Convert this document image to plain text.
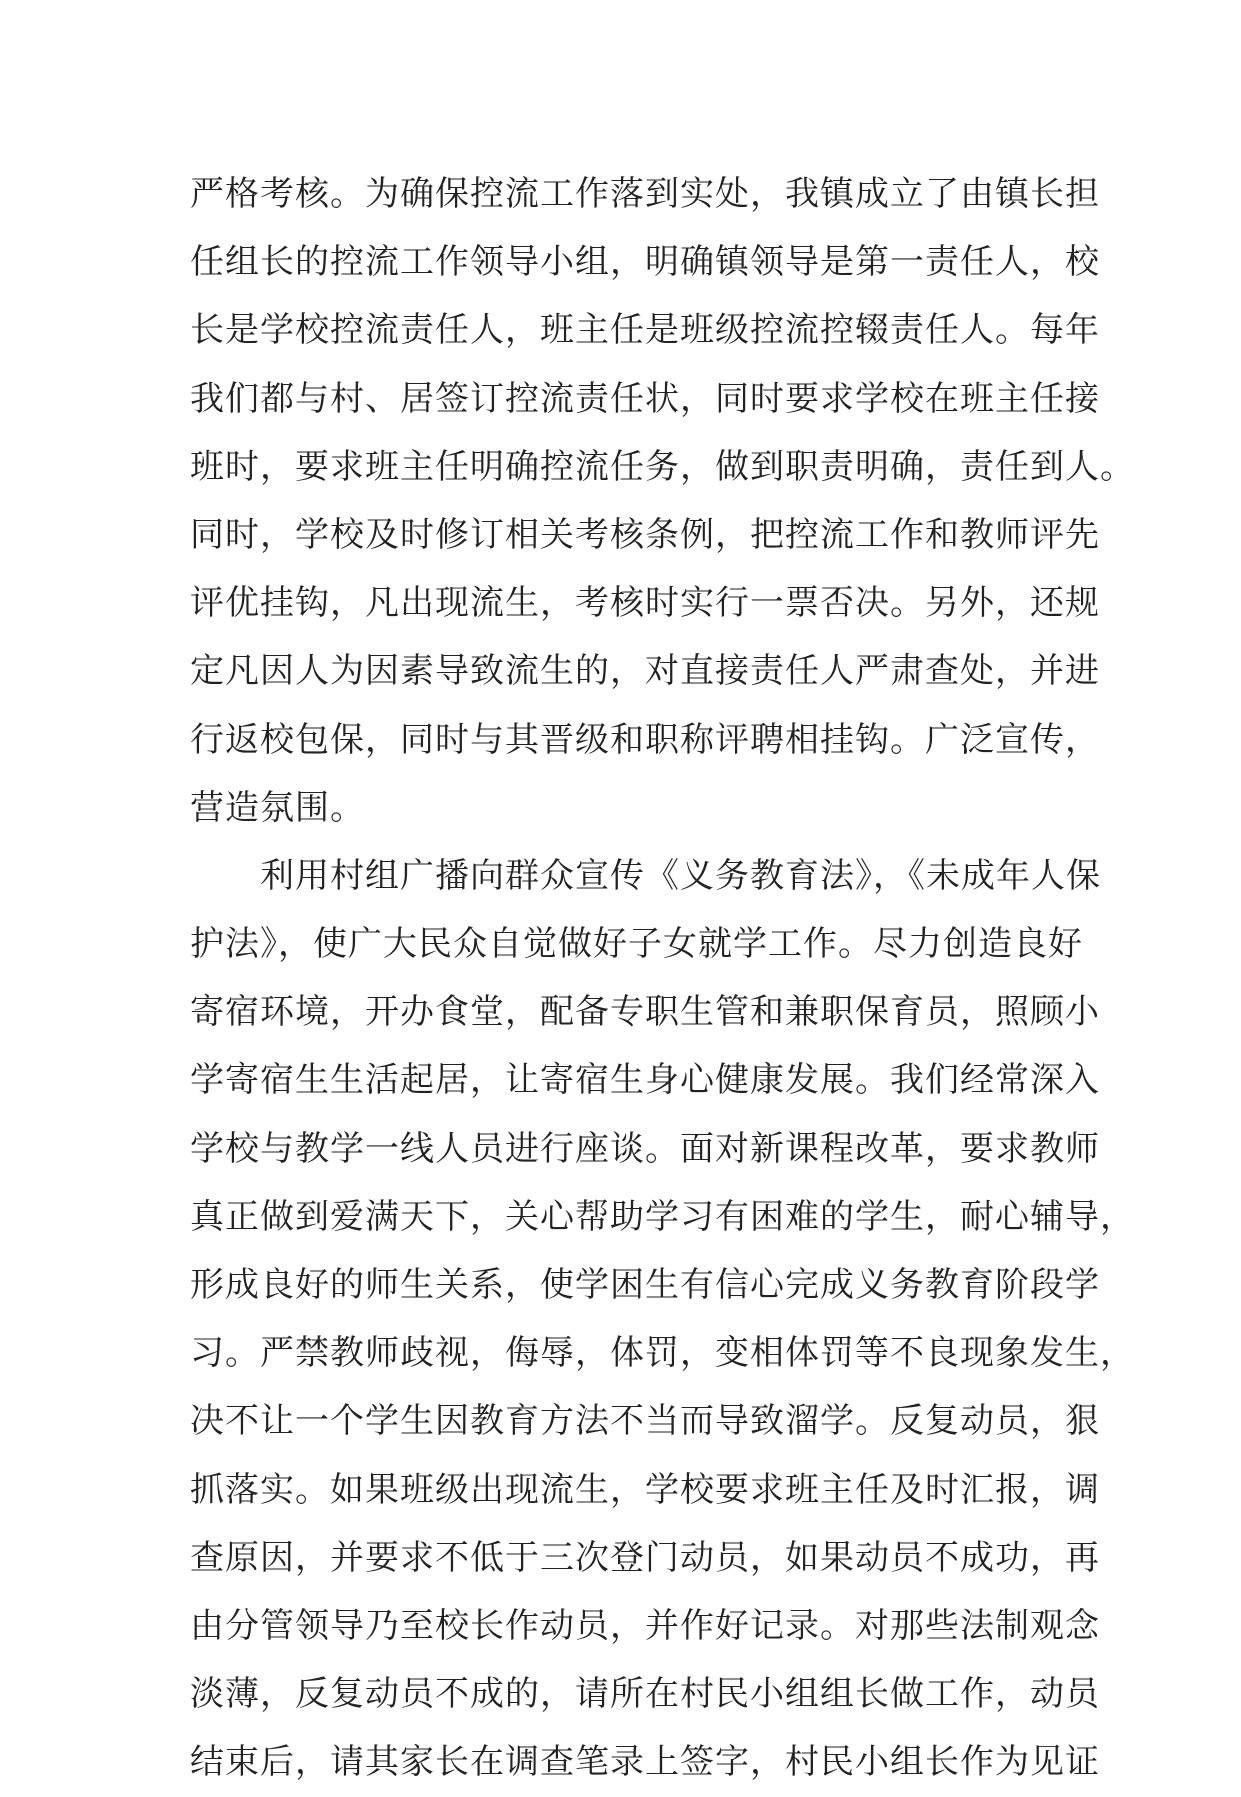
严格考核。为确保控流工作落到实处，我镇成立了由镇长担
任组长的控流工作领导小组，明确镇领导是第一责任人，校
长是学校控流责任人，班主任是班级控流控辍责任人。每年
我们都与村、居签订控流责任状，同时要求学校在班主任接
班时，要求班主任明确控流任务，做到职责明确，责任到人。
同时，学校及时修订相关考核条例，把控流工作和教师评先
评优挂钩，凡出现流生，考核时实行一票否决。另外，还规
定凡因人为因素导致流生的，对直接责任人严肃查处，并进
行返校包保，同时与其晋级和职称评聘相挂钩。广泛宣传，
营造氛围。
利用村组广播向群众宣传《义务教育法》，《未成年人保
护法》，使广大民众自觉做好子女就学工作。尽力创造良好
寄宿环境，开办食堂，配备专职生管和兼职保育员，照顾小
学寄宿生生活起居，让寄宿生身心健康发展。我们经常深入
学校与教学一线人员进行座谈。面对新课程改革，要求教师
真正做到爱满天下，关心帮助学习有困难的学生，耐心辅导，
形成良好的师生关系，使学困生有信心完成义务教育阶段学
习。严禁教师歧视，侮辱，体罚，变相体罚等不良现象发生，
决不让一个学生因教育方法不当而导致溜学。反复动员，狠
抓落实。如果班级出现流生，学校要求班主任及时汇报，调
查原因，并要求不低于三次登门动员，如果动员不成功，再
由分管领导乃至校长作动员，并作好记录。对那些法制观念
淡薄，反复动员不成的，请所在村民小组组长做工作，动员
结束后，请其家长在调查笔录上签字，村民小组长作为见证
